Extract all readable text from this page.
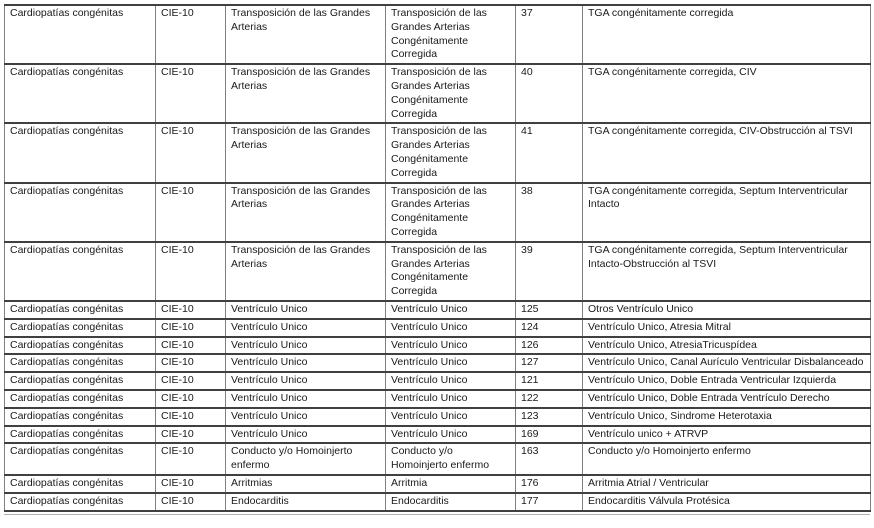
Cardiopatías congénitas	CIE-10	Transposición de las Grandes Arterias	Transposición de las Grandes Arterias Congénitamente Corregida	37	TGA congénitamente corregida
Cardiopatías congénitas	CIE-10	Transposición de las Grandes Arterias	Transposición de las Grandes Arterias Congénitamente Corregida	40	TGA congénitamente corregida, CIV
Cardiopatías congénitas	CIE-10	Transposición de las Grandes Arterias	Transposición de las Grandes Arterias Congénitamente Corregida	41	TGA congénitamente corregida, CIV-Obstrucción al TSVI
Cardiopatías congénitas	CIE-10	Transposición de las Grandes Arterias	Transposición de las Grandes Arterias Congénitamente Corregida	38	TGA congénitamente corregida, Septum Interventricular Intacto
Cardiopatías congénitas	CIE-10	Transposición de las Grandes Arterias	Transposición de las Grandes Arterias Congénitamente Corregida	39	TGA congénitamente corregida, Septum Interventricular Intacto-Obstrucción al TSVI
Cardiopatías congénitas	CIE-10	Ventrículo Unico	Ventrículo Unico	125	Otros Ventrículo Unico
Cardiopatías congénitas	CIE-10	Ventrículo Unico	Ventrículo Unico	124	Ventrículo Unico, Atresia Mitral
Cardiopatías congénitas	CIE-10	Ventrículo Unico	Ventrículo Unico	126	Ventrículo Unico, AtresiaTricuspídea
Cardiopatías congénitas	CIE-10	Ventrículo Unico	Ventrículo Unico	127	Ventrículo Unico, Canal Aurículo Ventricular Disbalanceado
Cardiopatías congénitas	CIE-10	Ventrículo Unico	Ventrículo Unico	121	Ventrículo Unico, Doble Entrada Ventricular Izquierda
Cardiopatías congénitas	CIE-10	Ventrículo Unico	Ventrículo Unico	122	Ventrículo Unico, Doble Entrada Ventrículo Derecho
Cardiopatías congénitas	CIE-10	Ventrículo Unico	Ventrículo Unico	123	Ventrículo Unico, Sindrome Heterotaxia
Cardiopatías congénitas	CIE-10	Ventrículo Unico	Ventrículo Unico	169	Ventrículo unico + ATRVP
Cardiopatías congénitas	CIE-10	Conducto y/o Homoinjerto enfermo	Conducto y/o Homoinjerto enfermo	163	Conducto y/o Homoinjerto enfermo
Cardiopatías congénitas	CIE-10	Arritmias	Arritmia	176	Arritmia Atrial / Ventricular
Cardiopatías congénitas	CIE-10	Endocarditis	Endocarditis	177	Endocarditis Válvula Protésica
